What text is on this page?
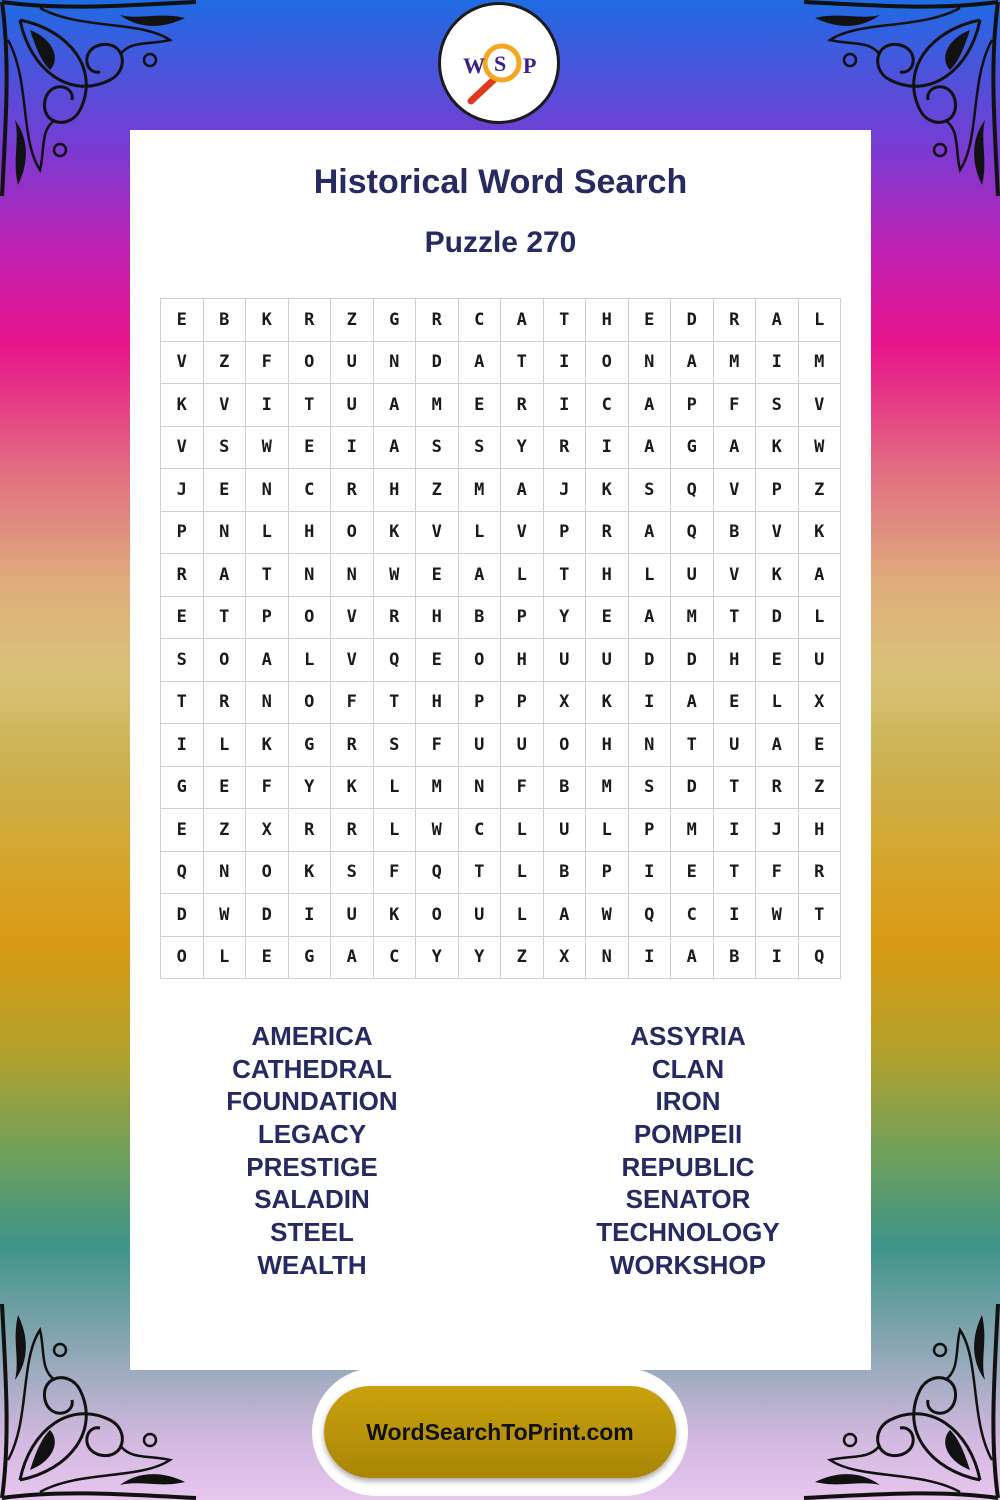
W S P
Historical Word Search
Puzzle 270
E	B	K	R	Z	G	R	C	A	T	H	E	D	R	A	L
V	Z	F	O	U	N	D	A	T	I	O	N	A	M	I	M
K	V	I	T	U	A	M	E	R	I	C	A	P	F	S	V
V	S	W	E	I	A	S	S	Y	R	I	A	G	A	K	W
J	E	N	C	R	H	Z	M	A	J	K	S	Q	V	P	Z
P	N	L	H	O	K	V	L	V	P	R	A	Q	B	V	K
R	A	T	N	N	W	E	A	L	T	H	L	U	V	K	A
E	T	P	O	V	R	H	B	P	Y	E	A	M	T	D	L
S	O	A	L	V	Q	E	O	H	U	U	D	D	H	E	U
T	R	N	O	F	T	H	P	P	X	K	I	A	E	L	X
I	L	K	G	R	S	F	U	U	O	H	N	T	U	A	E
G	E	F	Y	K	L	M	N	F	B	M	S	D	T	R	Z
E	Z	X	R	R	L	W	C	L	U	L	P	M	I	J	H
Q	N	O	K	S	F	Q	T	L	B	P	I	E	T	F	R
D	W	D	I	U	K	O	U	L	A	W	Q	C	I	W	T
O	L	E	G	A	C	Y	Y	Z	X	N	I	A	B	I	Q
AMERICA
CATHEDRAL
FOUNDATION
LEGACY
PRESTIGE
SALADIN
STEEL
WEALTH
ASSYRIA
CLAN
IRON
POMPEII
REPUBLIC
SENATOR
TECHNOLOGY
WORKSHOP
WordSearchToPrint.com
